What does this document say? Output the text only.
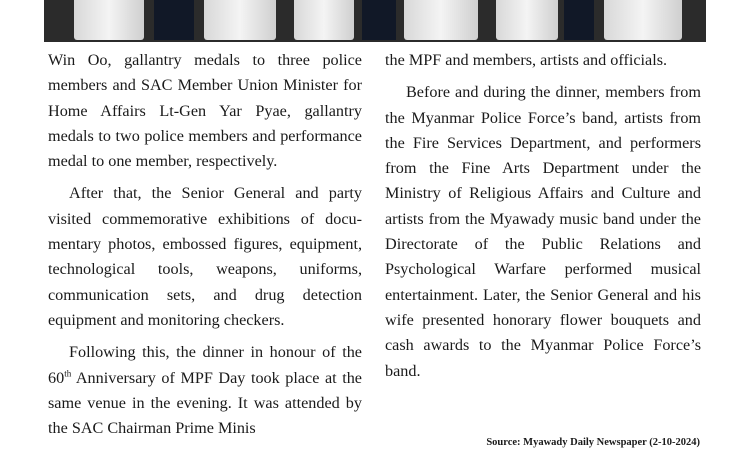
Win Oo, gallantry medals to three police members and SAC Member Union Minister for Home Affairs Lt-Gen Yar Pyae, gallantry medals to two police members and performance medal to one member, respectively.

After that, the Senior General and party visited commemorative exhibitions of documentary photos, embossed figures, equipment, technological tools, weapons, uniforms, communication sets, and drug detection equipment and monitoring checkers.

Following this, the dinner in honour of the 60th Anniversary of MPF Day took place at the same venue in the evening. It was attended by the SAC Chairman Prime Minis

the MPF and members, artists and officials.

Before and during the dinner, members from the Myanmar Police Force’s band, artists from the Fire Services Department, and performers from the Fine Arts Department under the Ministry of Religious Affairs and Culture and artists from the Myawady music band under the Directorate of the Public Relations and Psychological Warfare performed musical entertainment. Later, the Senior General and his wife presented honorary flower bouquets and cash awards to the Myanmar Police Force’s band.

Source: Myawady Daily Newspaper (2-10-2024)
